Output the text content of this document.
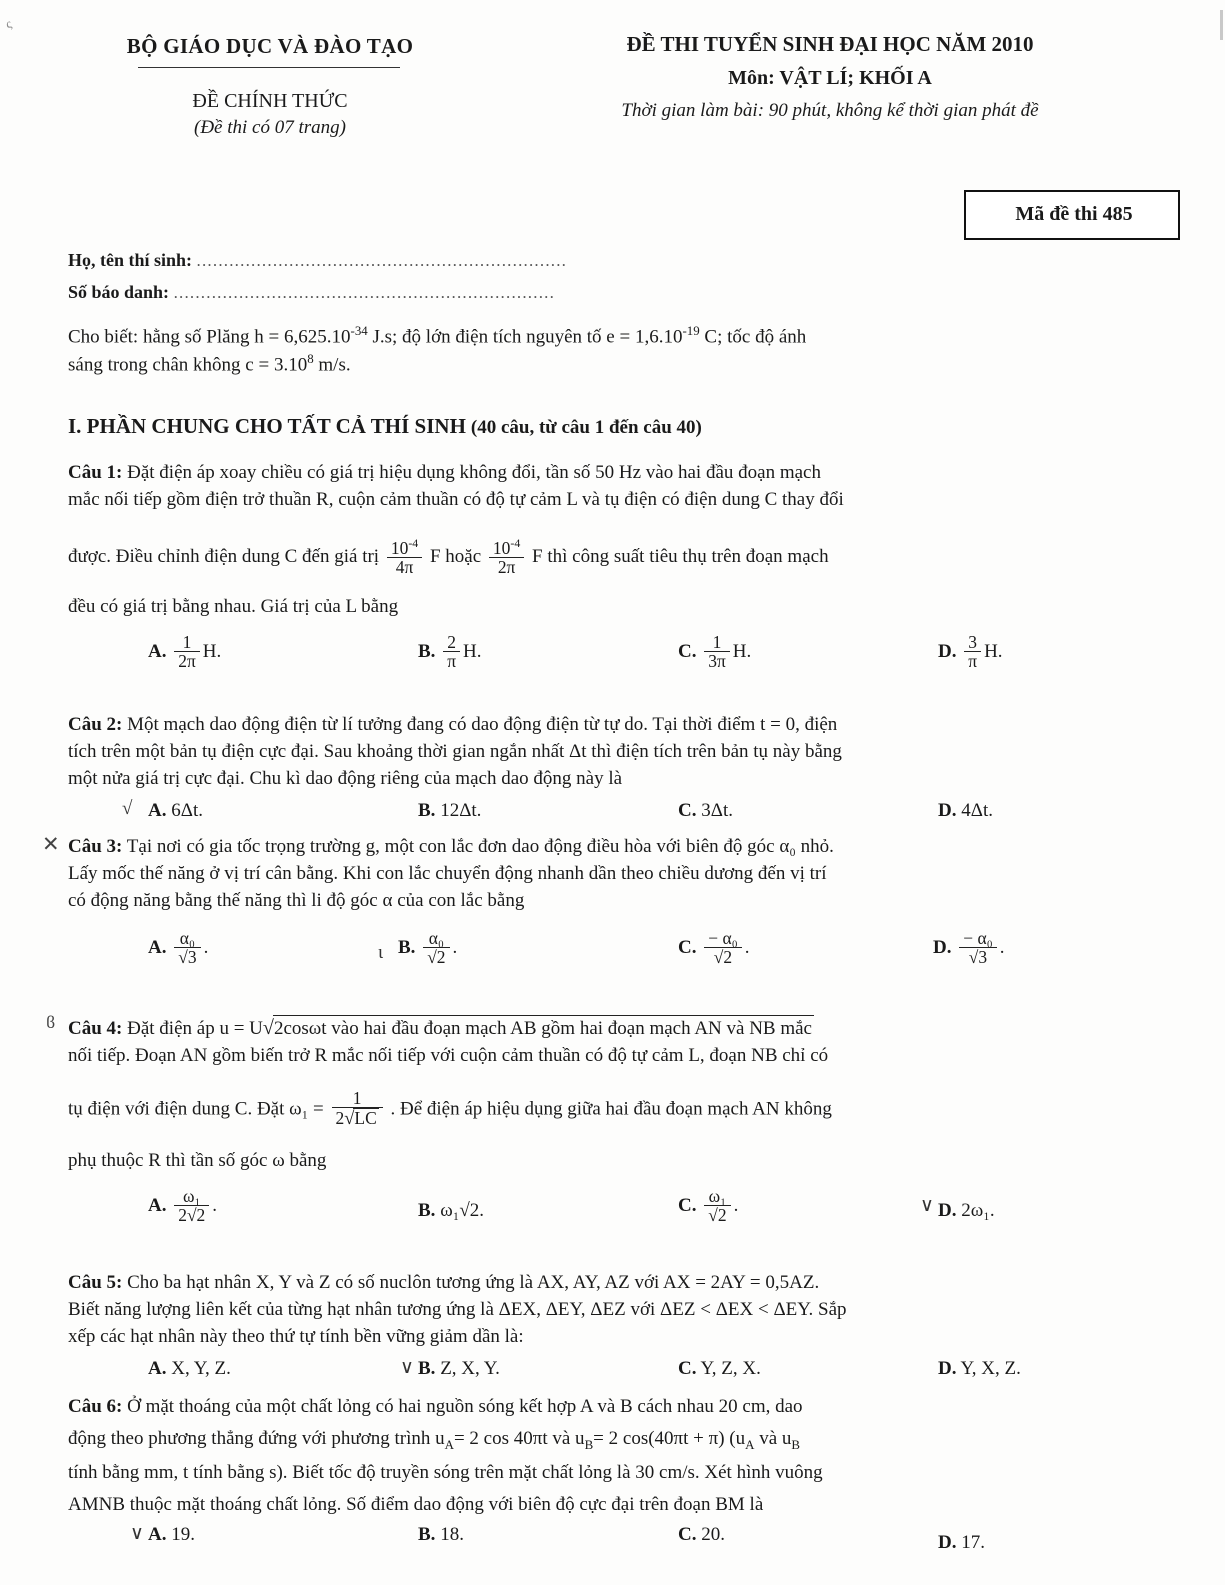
ς
BỘ GIÁO DỤC VÀ ĐÀO TẠO
ĐỀ CHÍNH THỨC
(Đề thi có 07 trang)
ĐỀ THI TUYỂN SINH ĐẠI HỌC NĂM 2010
Môn: VẬT LÍ; KHỐI A
Thời gian làm bài: 90 phút, không kể thời gian phát đề
Mã đề thi 485
Họ, tên thí sinh: ....................................................................
Số báo danh: ......................................................................
Cho biết: hằng số Plăng $h = 6,625.10^{-34}$ J.s; độ lớn điện tích nguyên tố $e = 1,6.10^{-19}$ C; tốc độ ánh
sáng trong chân không $c = 3.10^8$ m/s.
I. PHẦN CHUNG CHO TẤT CẢ THÍ SINH (40 câu, từ câu 1 đến câu 40)
Câu 1: Đặt điện áp xoay chiều có giá trị hiệu dụng không đổi, tần số 50 Hz vào hai đầu đoạn mạch
mắc nối tiếp gồm điện trở thuần R, cuộn cảm thuần có độ tự cảm L và tụ điện có điện dung C thay đổi
được. Điều chỉnh điện dung C đến giá trị $\frac{10^{-4}}{4\pi}$ F hoặc $\frac{10^{-4}}{2\pi}$ F thì công suất tiêu thụ trên đoạn mạch
đều có giá trị bằng nhau. Giá trị của L bằng
A. $\frac{1}{2\pi} H$.	B. $\frac{2}{\pi} H$.	C. $\frac{1}{3\pi} H$.	D. $\frac{3}{\pi} H$.
Câu 2: Một mạch dao động điện từ lí tưởng đang có dao động điện từ tự do. Tại thời điểm t = 0, điện
tích trên một bản tụ điện cực đại. Sau khoảng thời gian ngắn nhất Δt thì điện tích trên bản tụ này bằng
một nửa giá trị cực đại. Chu kì dao động riêng của mạch dao động này là
A. 6Δt.	B. 12Δt.	C. 3Δt.	D. 4Δt.
√
Câu 3: Tại nơi có gia tốc trọng trường g, một con lắc đơn dao động điều hòa với biên độ góc α₀ nhỏ.
Lấy mốc thế năng ở vị trí cân bằng. Khi con lắc chuyển động nhanh dần theo chiều dương đến vị trí
có động năng bằng thế năng thì li độ góc α của con lắc bằng
✕
A. $\frac{\text{α₀}}{√3}$ .	B. $\frac{\text{α₀}}{√2}$ .	C. $\frac{\text{− α₀}}{√2}$ .	D. $\frac{\text{− α₀}}{√3}$ .
ι
Câu 4: Đặt điện áp u = U√2cosωt vào hai đầu đoạn mạch AB gồm hai đoạn mạch AN và NB mắc
nối tiếp. Đoạn AN gồm biến trở R mắc nối tiếp với cuộn cảm thuần có độ tự cảm L, đoạn NB chỉ có
ϐ
tụ điện với điện dung C. Đặt $\omega_1 = \frac{1}{2√LC}$ . Để điện áp hiệu dụng giữa hai đầu đoạn mạch AN không
phụ thuộc R thì tần số góc ω bằng
A. $\frac{\text{ω₁}}{2√2}$ .	B. ω₁√2.	C. $\frac{\text{ω₁}}{√2}$ .	D. 2ω₁.
∨
Câu 5: Cho ba hạt nhân X, Y và Z có số nuclôn tương ứng là AX, AY, AZ với AX = 2AY = 0,5AZ.
Biết năng lượng liên kết của từng hạt nhân tương ứng là ΔEX, ΔEY, ΔEZ với ΔEZ < ΔEX < ΔEY. Sắp
xếp các hạt nhân này theo thứ tự tính bền vững giảm dần là:
A. X, Y, Z.	B. Z, X, Y.	C. Y, Z, X.	D. Y, X, Z.
∨
Câu 6: Ở mặt thoáng của một chất lỏng có hai nguồn sóng kết hợp A và B cách nhau 20 cm, dao
động theo phương thẳng đứng với phương trình $u_A= 2$ cos 40πt và $u_B= 2$ cos(40πt + π) ($u_A$ và $u_B$
tính bằng mm, t tính bằng s). Biết tốc độ truyền sóng trên mặt chất lỏng là 30 cm/s. Xét hình vuông
AMNB thuộc mặt thoáng chất lỏng. Số điểm dao động với biên độ cực đại trên đoạn BM là
A. 19.	B. 18.	C. 20.	D. 17.
∨
